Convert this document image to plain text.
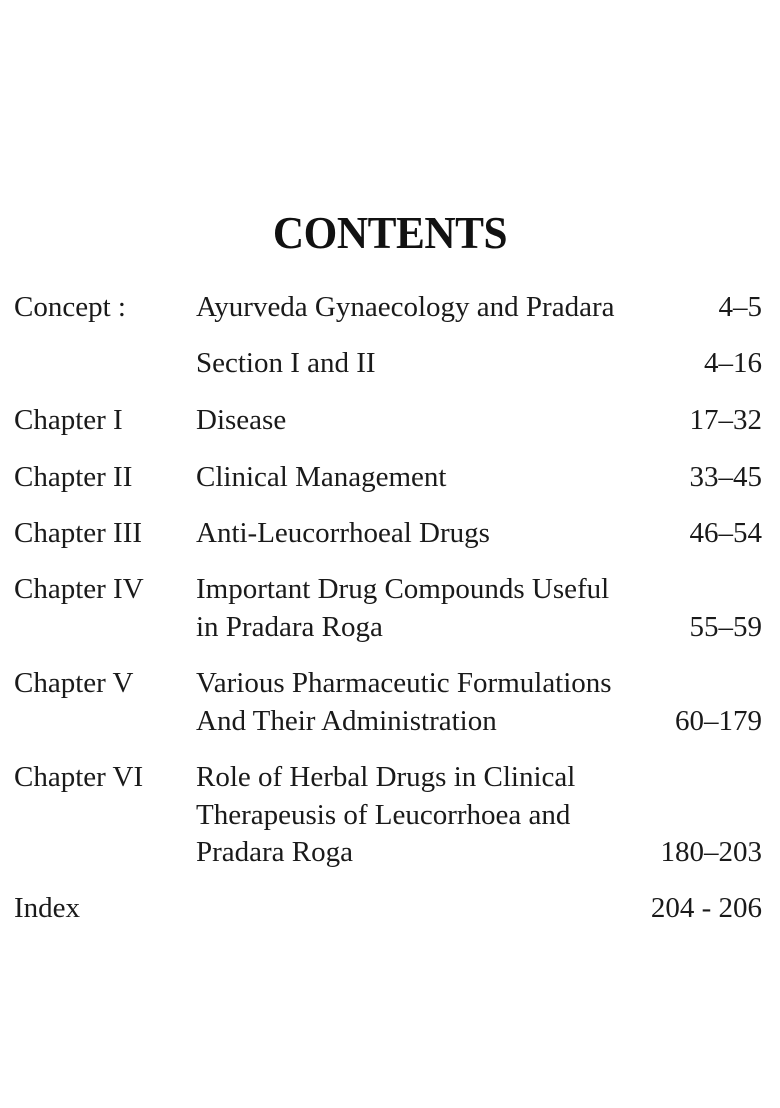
CONTENTS
Concept : Ayurveda Gynaecology and Pradara	4–5
Section I and II	4–16
Chapter I	Disease	17–32
Chapter II Clinical Management	33–45
Chapter III Anti-Leucorrhoeal Drugs	46–54
Chapter IV Important Drug Compounds Useful
in Pradara Roga	55–59
Chapter V Various Pharmaceutic Formulations
And Their Administration	60–179
Chapter VI Role of Herbal Drugs in Clinical
Therapeusis of Leucorrhoea and
Pradara Roga	180–203
Index	204 - 206
